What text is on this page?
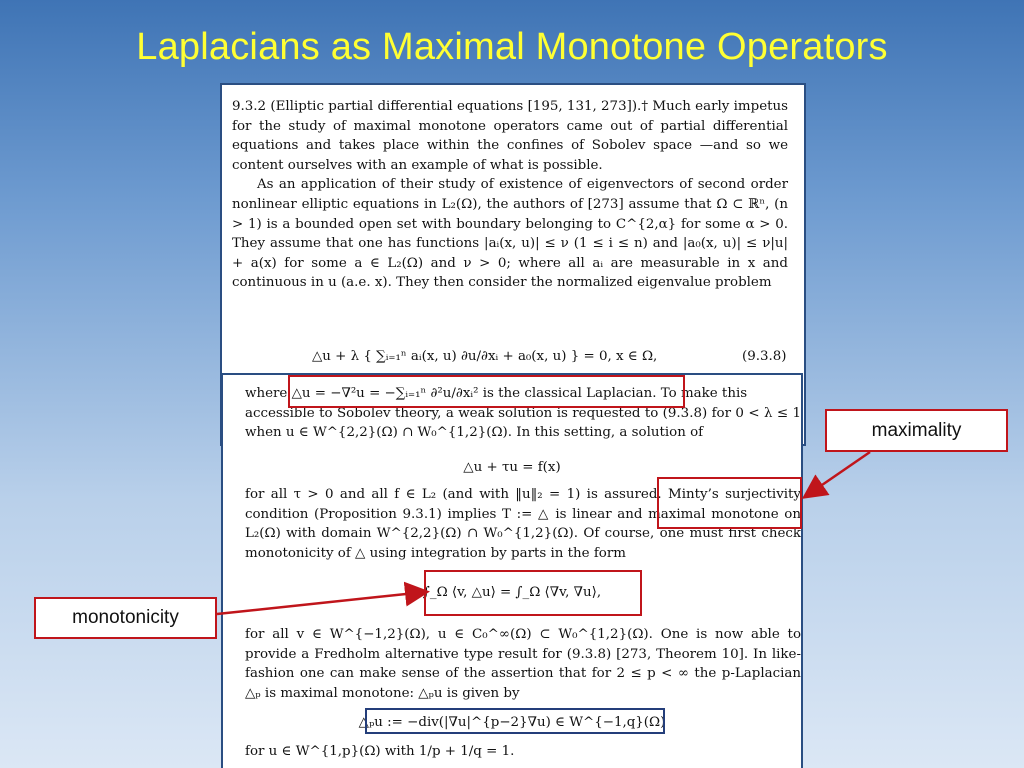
Laplacians as Maximal Monotone Operators

9.3.2 (Elliptic partial differential equations [195, 131, 273]).† Much early impetus for the study of maximal monotone operators came out of partial differential equations and takes place within the confines of Sobolev space —and so we content ourselves with an example of what is possible.

As an application of their study of existence of eigenvectors of second order nonlinear elliptic equations in L₂(Ω), the authors of [273] assume that Ω ⊂ ℝⁿ, (n > 1) is a bounded open set with boundary belonging to C^{2,α} for some α > 0. They assume that one has functions |aᵢ(x, u)| ≤ ν (1 ≤ i ≤ n) and |a₀(x, u)| ≤ ν|u| + a(x) for some a ∈ L₂(Ω) and ν > 0; where all aᵢ are measurable in x and continuous in u (a.e. x). They then consider the normalized eigenvalue problem

△u + λ { ∑ᵢ₌₁ⁿ aᵢ(x, u) ∂u/∂xᵢ + a₀(x, u) } = 0, x ∈ Ω,	(9.3.8)

where △u = −∇²u = −∑ᵢ₌₁ⁿ ∂²u/∂xᵢ² is the classical Laplacian. To make this

accessible to Sobolev theory, a weak solution is requested to (9.3.8) for 0 < λ ≤ 1 when u ∈ W^{2,2}(Ω) ∩ W₀^{1,2}(Ω). In this setting, a solution of

△u + τu = f(x)
for all τ > 0 and all f ∈ L₂ (and with ‖u‖₂ = 1) is assured. Minty’s surjectivity condition (Proposition 9.3.1) implies T := △ is linear and maximal monotone on L₂(Ω) with domain W^{2,2}(Ω) ∩ W₀^{1,2}(Ω). Of course, one must first check monotonicity of △ using integration by parts in the form
∫_Ω ⟨v, △u⟩ = ∫_Ω ⟨∇v, ∇u⟩,
for all v ∈ W^{−1,2}(Ω), u ∈ C₀^∞(Ω) ⊂ W₀^{1,2}(Ω). One is now able to provide a Fredholm alternative type result for (9.3.8) [273, Theorem 10]. In like-fashion one can make sense of the assertion that for 2 ≤ p < ∞ the p-Laplacian △ₚ is maximal monotone: △ₚu is given by
△ₚu := −div(|∇u|^{p−2}∇u) ∈ W^{−1,q}(Ω)
for u ∈ W^{1,p}(Ω) with 1/p + 1/q = 1.
maximality
monotonicity
